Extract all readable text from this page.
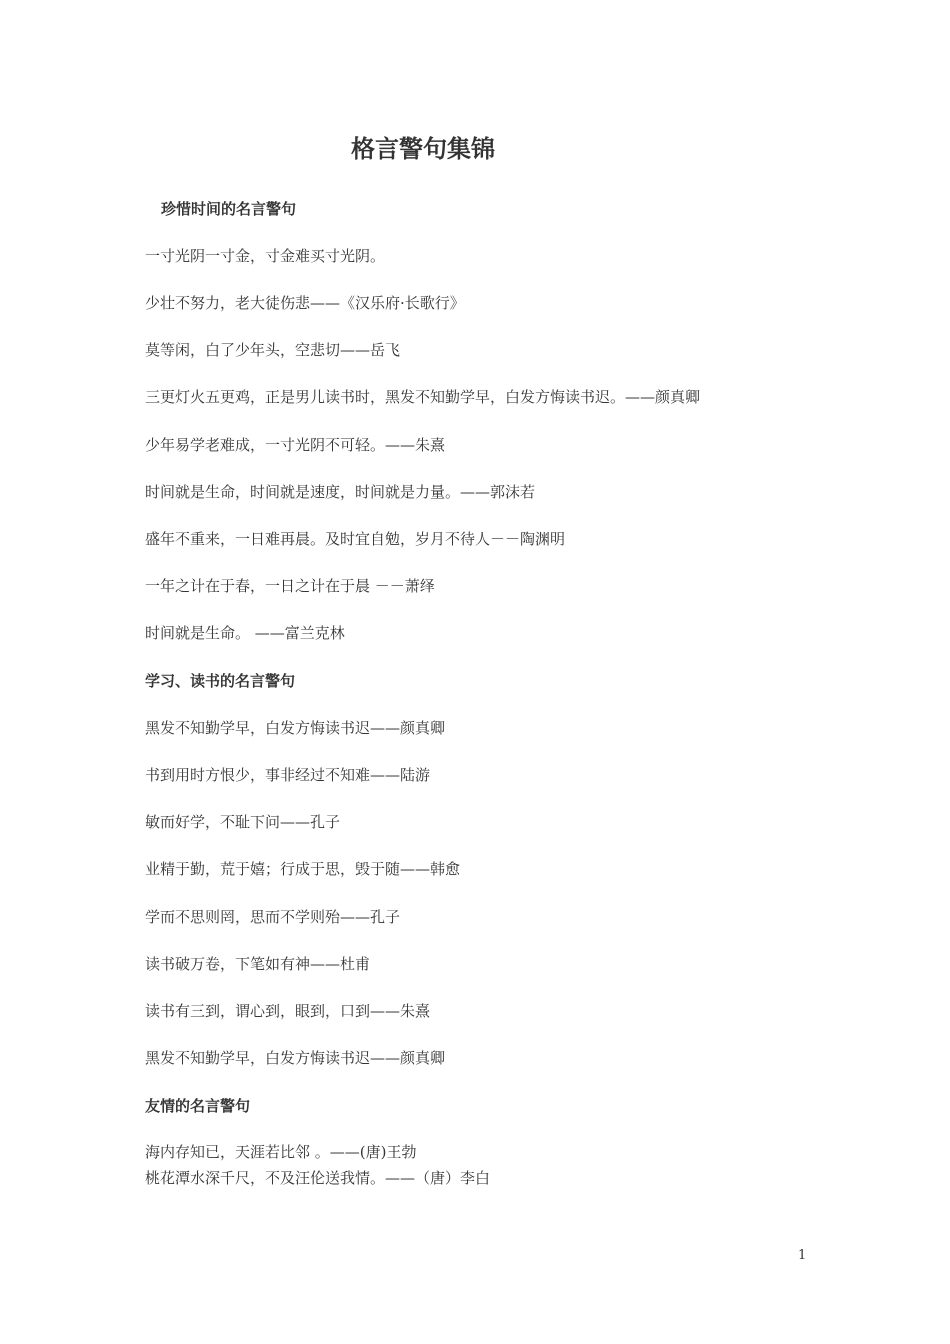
格言警句集锦

珍惜时间的名言警句

一寸光阴一寸金，寸金难买寸光阴。

少壮不努力，老大徒伤悲——《汉乐府·长歌行》

莫等闲，白了少年头，空悲切——岳飞

三更灯火五更鸡，正是男儿读书时，黑发不知勤学早，白发方悔读书迟。——颜真卿

少年易学老难成，一寸光阴不可轻。——朱熹

时间就是生命，时间就是速度，时间就是力量。——郭沫若

盛年不重来，一日难再晨。及时宜自勉，岁月不待人－－陶渊明

一年之计在于春，一日之计在于晨 －－萧绎

时间就是生命。 ——富兰克林

学习、读书的名言警句

黑发不知勤学早，白发方悔读书迟——颜真卿

书到用时方恨少，事非经过不知难——陆游

敏而好学，不耻下问——孔子

业精于勤，荒于嬉；行成于思，毁于随——韩愈

学而不思则罔，思而不学则殆——孔子

读书破万卷，下笔如有神——杜甫

读书有三到，谓心到，眼到，口到——朱熹

黑发不知勤学早，白发方悔读书迟——颜真卿

友情的名言警句

海内存知已，天涯若比邻 。——(唐)王勃

桃花潭水深千尺，不及汪伦送我情。——（唐）李白

1
